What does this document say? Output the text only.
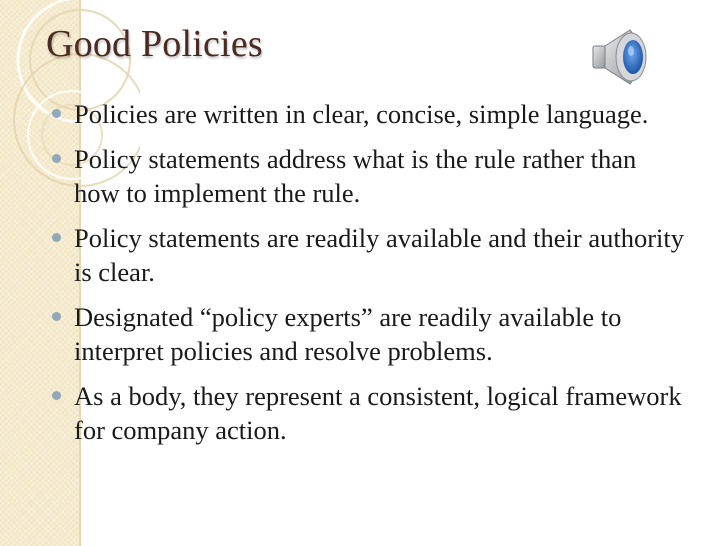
Good Policies
Policies are written in clear, concise, simple language.
Policy statements address what is the rule rather than how to implement the rule.
Policy statements are readily available and their authority is clear.
Designated “policy experts” are readily available to interpret policies and resolve problems.
As a body, they represent a consistent, logical framework for company action.
